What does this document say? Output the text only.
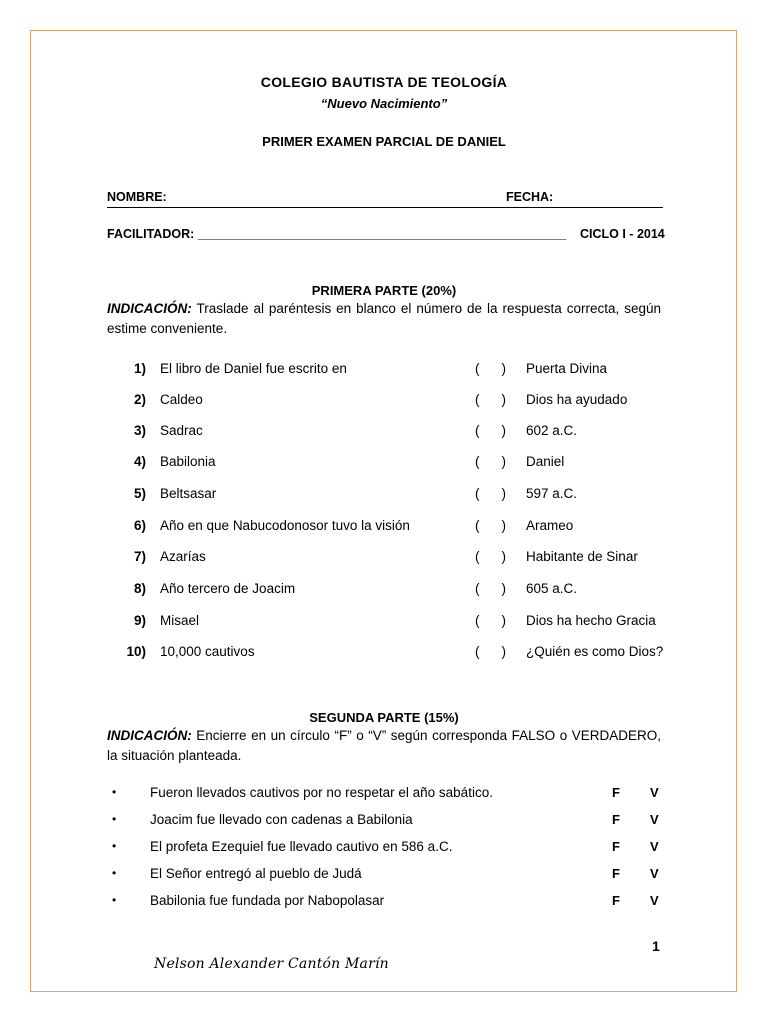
COLEGIO BAUTISTA DE TEOLOGÍA
“Nuevo Nacimiento”
PRIMER EXAMEN PARCIAL DE DANIEL
NOMBRE:	FECHA:
FACILITADOR: _____________________________________________________ CICLO I - 2014
PRIMERA PARTE (20%)
INDICACIÓN: Traslade al paréntesis en blanco el número de la respuesta correcta, según estime conveniente.
1) El libro de Daniel fue escrito en	( ) Puerta Divina
2) Caldeo	( ) Dios ha ayudado
3) Sadrac	( ) 602 a.C.
4) Babilonia	( ) Daniel
5) Beltsasar	( ) 597 a.C.
6) Año en que Nabucodonosor tuvo la visión	( ) Arameo
7) Azarías	( ) Habitante de Sinar
8) Año tercero de Joacim	( ) 605 a.C.
9) Misael	( ) Dios ha hecho Gracia
10) 10,000 cautivos	( ) ¿Quién es como Dios?
SEGUNDA PARTE (15%)
INDICACIÓN: Encierre en un círculo “F” o “V” según corresponda FALSO o VERDADERO, la situación planteada.
•	Fueron llevados cautivos por no respetar el año sabático.	F V
•	Joacim fue llevado con cadenas a Babilonia	F V
•	El profeta Ezequiel fue llevado cautivo en 586 a.C.	F V
•	El Señor entregó al pueblo de Judá	F V
•	Babilonia fue fundada por Nabopolasar	F V
1
Nelson Alexander Cantón Marín
